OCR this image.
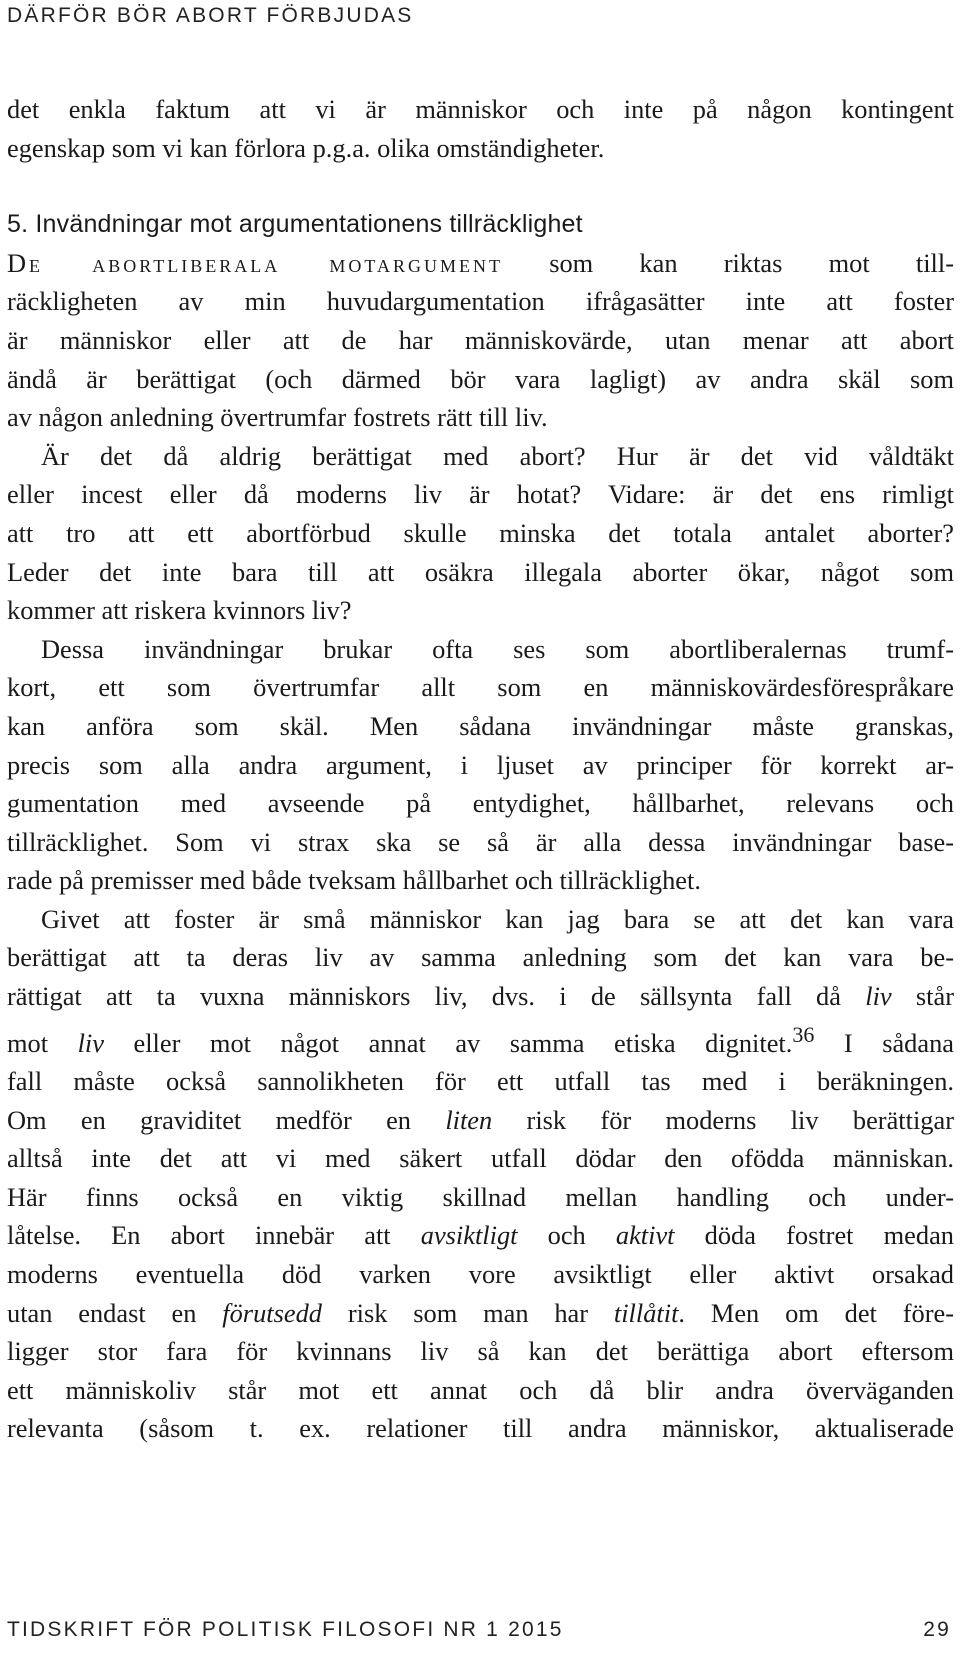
DÄRFÖR BÖR ABORT FÖRBJUDAS
det enkla faktum att vi är människor och inte på någon kontingent
egenskap som vi kan förlora p.g.a. olika omständigheter.
5. Invändningar mot argumentationens tillräcklighet
De abortliberala motargument som kan riktas mot till-
räckligheten av min huvudargumentation ifrågasätter inte att foster
är människor eller att de har människovärde, utan menar att abort
ändå är berättigat (och därmed bör vara lagligt) av andra skäl som
av någon anledning övertrumfar fostrets rätt till liv.
Är det då aldrig berättigat med abort? Hur är det vid våldtäkt
eller incest eller då moderns liv är hotat? Vidare: är det ens rimligt
att tro att ett abortförbud skulle minska det totala antalet aborter?
Leder det inte bara till att osäkra illegala aborter ökar, något som
kommer att riskera kvinnors liv?
Dessa invändningar brukar ofta ses som abortliberalernas trumf-
kort, ett som övertrumfar allt som en människovärdesförespråkare
kan anföra som skäl. Men sådana invändningar måste granskas,
precis som alla andra argument, i ljuset av principer för korrekt ar-
gumentation med avseende på entydighet, hållbarhet, relevans och
tillräcklighet. Som vi strax ska se så är alla dessa invändningar base-
rade på premisser med både tveksam hållbarhet och tillräcklighet.
Givet att foster är små människor kan jag bara se att det kan vara
berättigat att ta deras liv av samma anledning som det kan vara be-
rättigat att ta vuxna människors liv, dvs. i de sällsynta fall då liv står
mot liv eller mot något annat av samma etiska dignitet.$^{36}$ I sådana
fall måste också sannolikheten för ett utfall tas med i beräkningen.
Om en graviditet medför en liten risk för moderns liv berättigar
alltså inte det att vi med säkert utfall dödar den ofödda människan.
Här finns också en viktig skillnad mellan handling och under-
låtelse. En abort innebär att avsiktligt och aktivt döda fostret medan
moderns eventuella död varken vore avsiktligt eller aktivt orsakad
utan endast en förutsedd risk som man har tillåtit. Men om det före-
ligger stor fara för kvinnans liv så kan det berättiga abort eftersom
ett människoliv står mot ett annat och då blir andra överväganden
relevanta (såsom t. ex. relationer till andra människor, aktualiserade
TIDSKRIFT FÖR POLITISK FILOSOFI NR 1 2015	29
